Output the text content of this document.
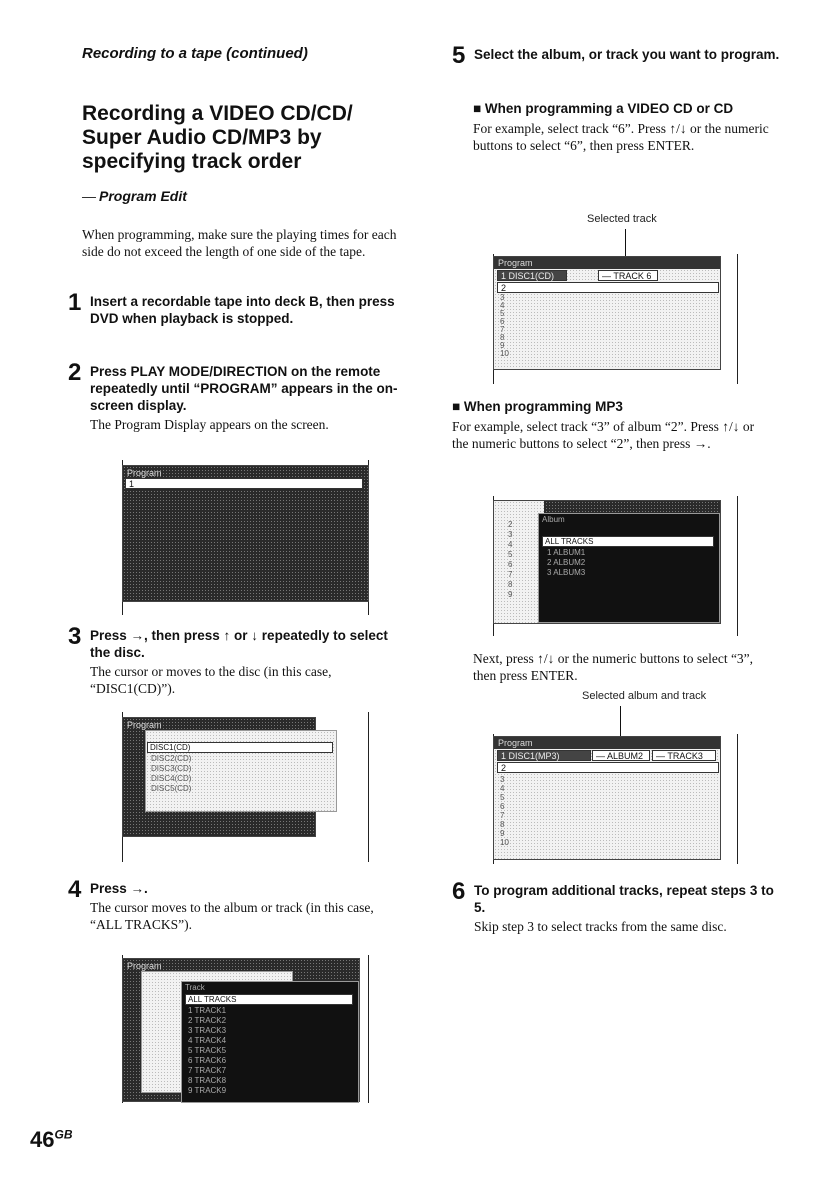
Recording to a tape (continued)
Recording a VIDEO CD/CD/ Super Audio CD/MP3 by specifying track order
— Program Edit
When programming, make sure the playing times for each side do not exceed the length of one side of the tape.
1 Insert a recordable tape into deck B, then press DVD when playback is stopped.
2 Press PLAY MODE/DIRECTION on the remote repeatedly until “PROGRAM” appears in the on-screen display.
The Program Display appears on the screen.
Program
1
3 Press →, then press ↑ or ↓ repeatedly to select the disc.
The cursor or moves to the disc (in this case, “DISC1(CD)”).
Program
DISC1(CD)
DISC2(CD)
DISC3(CD)
DISC4(CD)
DISC5(CD)
4 Press →.
The cursor moves to the album or track (in this case, “ALL TRACKS”).
Program
Track
ALL TRACKS
1 TRACK1
2 TRACK2
3 TRACK3
4 TRACK4
5 TRACK5
6 TRACK6
7 TRACK7
8 TRACK8
9 TRACK9
$46^{GB}$
5 Select the album, or track you want to program.
■ When programming a VIDEO CD or CD
For example, select track “6”. Press ↑/↓ or the numeric buttons to select “6”, then press ENTER.
Selected track
Program
1 DISC1(CD)	— TRACK 6
2
3
4
5
6
7
8
9
10
■ When programming MP3
For example, select track “3” of album “2”. Press ↑/↓ or the numeric buttons to select “2”, then press →.
2
3
4
5
6
7
8
9
Album
ALL TRACKS
1 ALBUM1
2 ALBUM2
3 ALBUM3
Next, press ↑/↓ or the numeric buttons to select “3”, then press ENTER.
Selected album and track
Program
1 DISC1(MP3)	— ALBUM2	— TRACK3
2
3
4
5
6
7
8
9
10
6 To program additional tracks, repeat steps 3 to 5.
Skip step 3 to select tracks from the same disc.
